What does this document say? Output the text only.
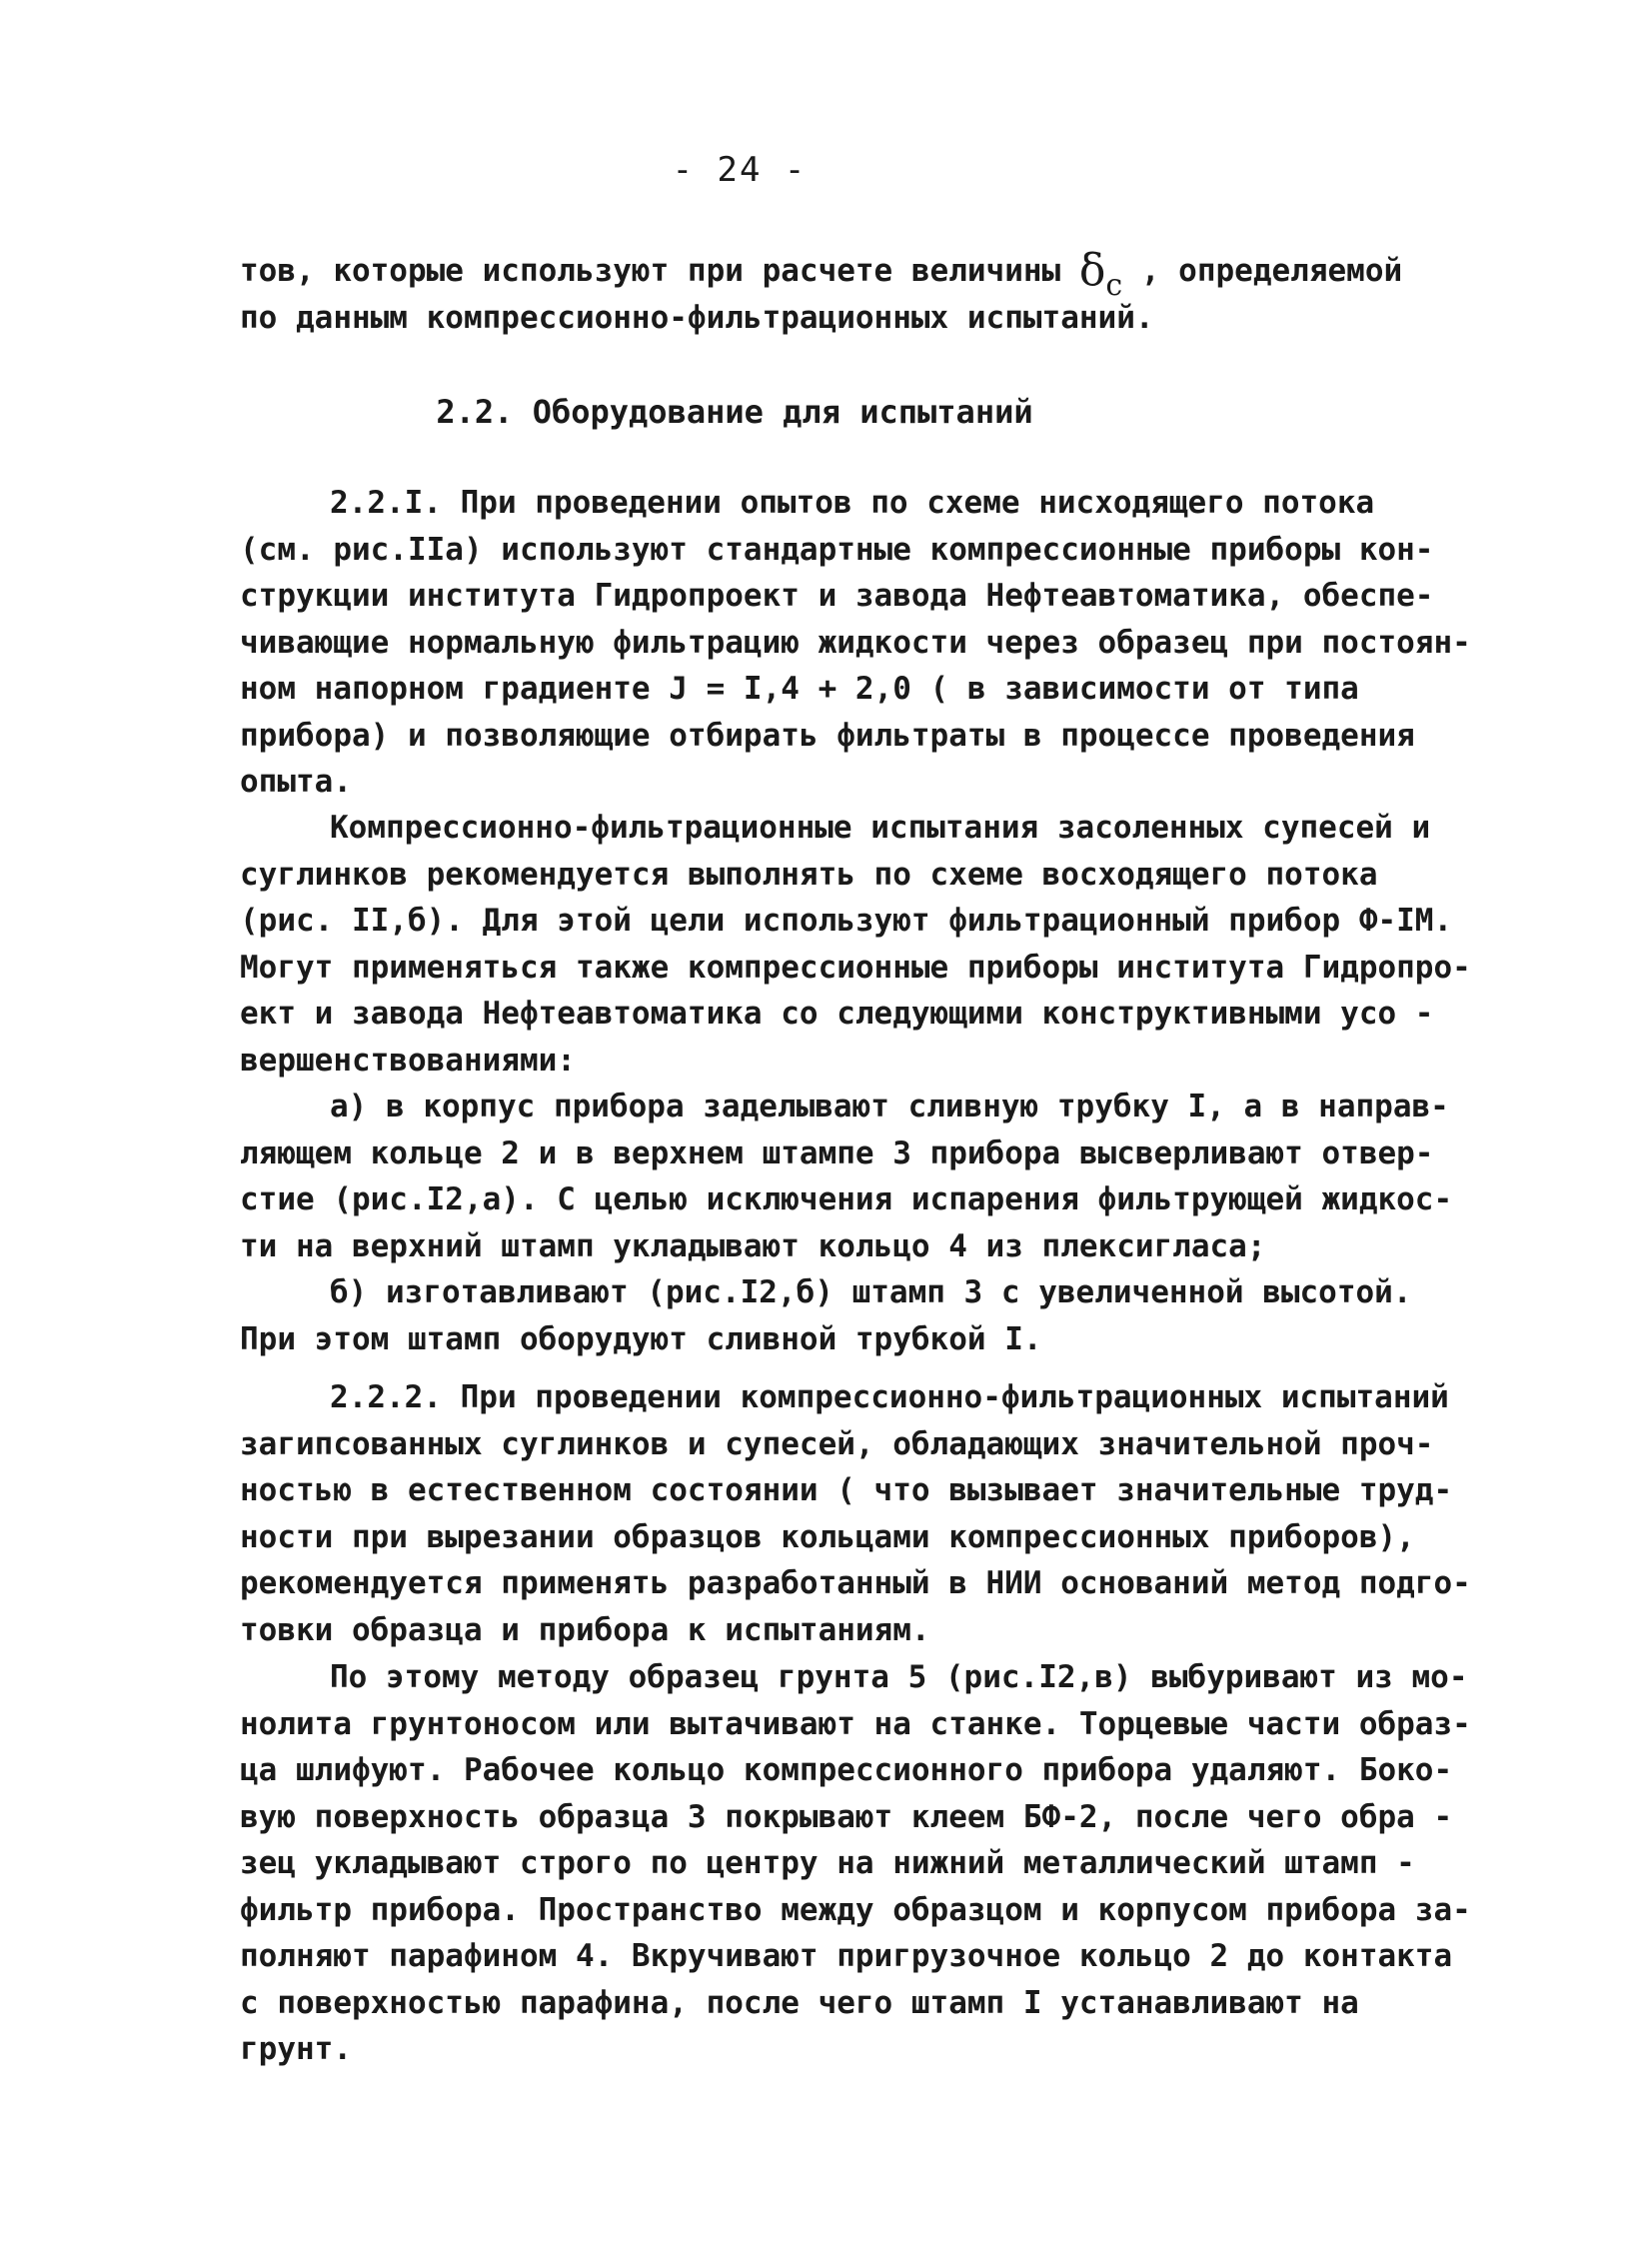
- 24 -
тов, которые используют при расчете величины $\delta_с$ , определяемой
по данным компрессионно-фильтрационных испытаний.
2.2. Оборудование для испытаний
2.2.I. При проведении опытов по схеме нисходящего потока
(см. рис.IIа) используют стандартные компрессионные приборы кон-
струкции института Гидропроект и завода Нефтеавтоматика, обеспе-
чивающие нормальную фильтрацию жидкости через образец при постоян-
ном напорном градиенте J = I,4 + 2,0 ( в зависимости от типа
прибора) и позволяющие отбирать фильтраты в процессе проведения
опыта.
Компрессионно-фильтрационные испытания засоленных супесей и
суглинков рекомендуется выполнять по схеме восходящего потока
(рис. II,б). Для этой цели используют фильтрационный прибор Ф-IМ.
Могут применяться также компрессионные приборы института Гидропро-
ект и завода Нефтеавтоматика со следующими конструктивными усо -
вершенствованиями:
а) в корпус прибора заделывают сливную трубку I, а в направ-
ляющем кольце 2 и в верхнем штампе 3 прибора высверливают отвер-
стие (рис.I2,а). С целью исключения испарения фильтрующей жидкос-
ти на верхний штамп укладывают кольцо 4 из плексигласа;
б) изготавливают (рис.I2,б) штамп 3 с увеличенной высотой.
При этом штамп оборудуют сливной трубкой I.
2.2.2. При проведении компрессионно-фильтрационных испытаний
загипсованных суглинков и супесей, обладающих значительной проч-
ностью в естественном состоянии ( что вызывает значительные труд-
ности при вырезании образцов кольцами компрессионных приборов),
рекомендуется применять разработанный в НИИ оснований метод подго-
товки образца и прибора к испытаниям.
По этому методу образец грунта 5 (рис.I2,в) выбуривают из мо-
нолита грунтоносом или вытачивают на станке. Торцевые части образ-
ца шлифуют. Рабочее кольцо компрессионного прибора удаляют. Боко-
вую поверхность образца 3 покрывают клеем БФ-2, после чего обра -
зец укладывают строго по центру на нижний металлический штамп -
фильтр прибора. Пространство между образцом и корпусом прибора за-
полняют парафином 4. Вкручивают пригрузочное кольцо 2 до контакта
с поверхностью парафина, после чего штамп I устанавливают на
грунт.
